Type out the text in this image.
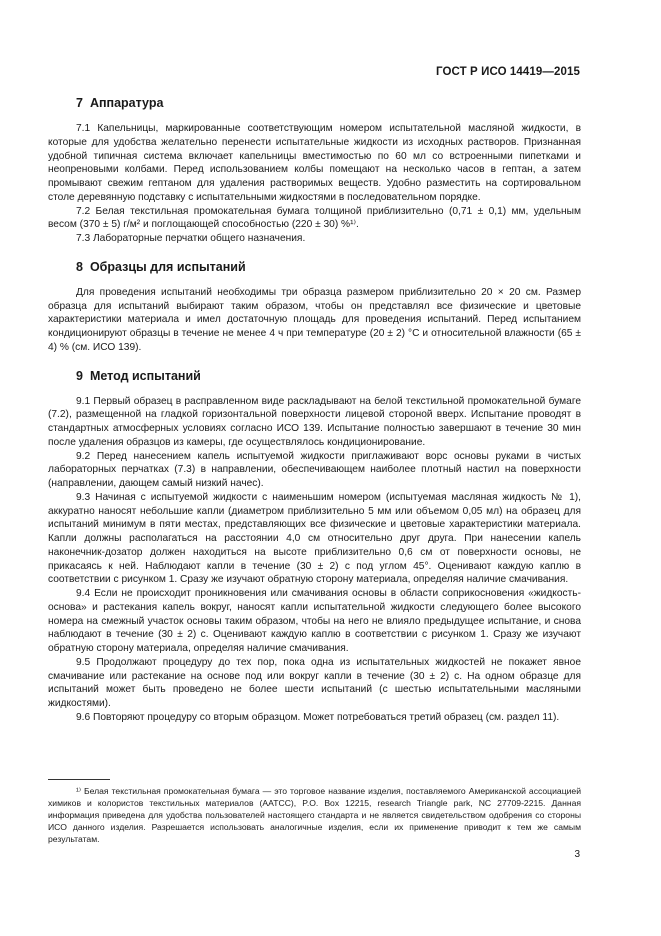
ГОСТ Р ИСО 14419—2015
7 Аппаратура

7.1 Капельницы, маркированные соответствующим номером испытательной масляной жидкости, в которые для удобства желательно перенести испытательные жидкости из исходных растворов. Признанная удобной типичная система включает капельницы вместимостью по 60 мл со встроенными пипетками и неопреновыми колбами. Перед использованием колбы помещают на несколько часов в гептан, а затем промывают свежим гептаном для удаления растворимых веществ. Удобно разместить на сортировальном столе деревянную подставку с испытательными жидкостями в последовательном порядке.

7.2 Белая текстильная промокательная бумага толщиной приблизительно (0,71 ± 0,1) мм, удельным весом (370 ± 5) г/м² и поглощающей способностью (220 ± 30) %¹⁾.

7.3 Лабораторные перчатки общего назначения.

8 Образцы для испытаний

Для проведения испытаний необходимы три образца размером приблизительно 20 × 20 см. Размер образца для испытаний выбирают таким образом, чтобы он представлял все физические и цветовые характеристики материала и имел достаточную площадь для проведения испытаний. Перед испытанием кондиционируют образцы в течение не менее 4 ч при температуре (20 ± 2) °С и относительной влажности (65 ± 4) % (см. ИСО 139).

9 Метод испытаний

9.1 Первый образец в расправленном виде раскладывают на белой текстильной промокательной бумаге (7.2), размещенной на гладкой горизонтальной поверхности лицевой стороной вверх. Испытание проводят в стандартных атмосферных условиях согласно ИСО 139. Испытание полностью завершают в течение 30 мин после удаления образцов из камеры, где осуществлялось кондиционирование.

9.2 Перед нанесением капель испытуемой жидкости приглаживают ворс основы руками в чистых лабораторных перчатках (7.3) в направлении, обеспечивающем наиболее плотный настил на поверхности (направлении, дающем самый низкий начес).

9.3 Начиная с испытуемой жидкости с наименьшим номером (испытуемая масляная жидкость № 1), аккуратно наносят небольшие капли (диаметром приблизительно 5 мм или объемом 0,05 мл) на образец для испытаний минимум в пяти местах, представляющих все физические и цветовые характеристики материала. Капли должны располагаться на расстоянии 4,0 см относительно друг друга. При нанесении капель наконечник-дозатор должен находиться на высоте приблизительно 0,6 см от поверхности основы, не прикасаясь к ней. Наблюдают капли в течение (30 ± 2) с под углом 45°. Оценивают каждую каплю в соответствии с рисунком 1. Сразу же изучают обратную сторону материала, определяя наличие смачивания.

9.4 Если не происходит проникновения или смачивания основы в области соприкосновения «жидкость-основа» и растекания капель вокруг, наносят капли испытательной жидкости следующего более высокого номера на смежный участок основы таким образом, чтобы на него не влияло предыдущее испытание, и снова наблюдают в течение (30 ± 2) с. Оценивают каждую каплю в соответствии с рисунком 1. Сразу же изучают обратную сторону материала, определяя наличие смачивания.

9.5 Продолжают процедуру до тех пор, пока одна из испытательных жидкостей не покажет явное смачивание или растекание на основе под или вокруг капли в течение (30 ± 2) с. На одном образце для испытаний может быть проведено не более шести испытаний (с шестью испытательными масляными жидкостями).

9.6 Повторяют процедуру со вторым образцом. Может потребоваться третий образец (см. раздел 11).

¹⁾ Белая текстильная промокательная бумага — это торговое название изделия, поставляемого Американской ассоциацией химиков и колористов текстильных материалов (AATCC), P.O. Box 12215, research Triangle park, NC 27709-2215. Данная информация приведена для удобства пользователей настоящего стандарта и не является свидетельством одобрения со стороны ИСО данного изделия. Разрешается использовать аналогичные изделия, если их применение приводит к тем же самым результатам.

3
